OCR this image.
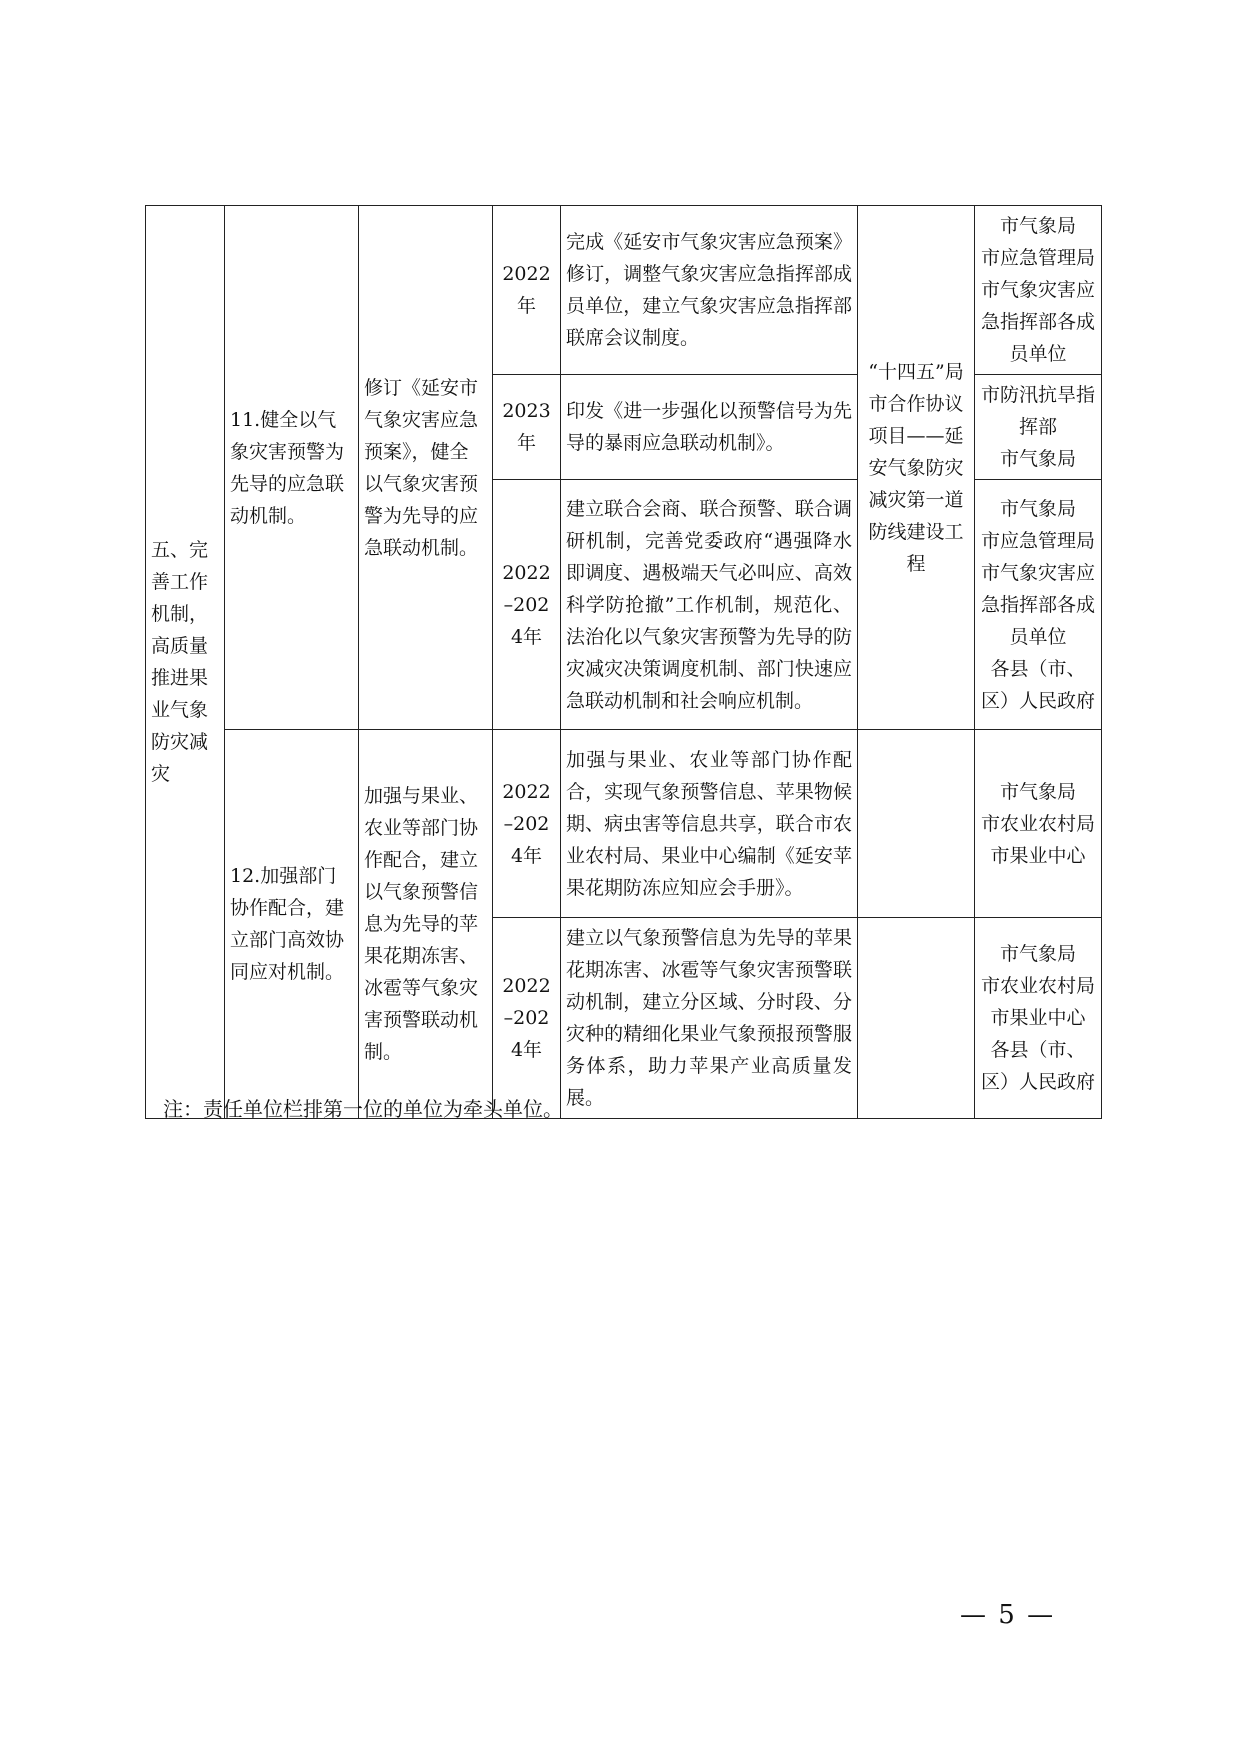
五、完善工作机制，高质量推进果业气象防灾减灾	11.健全以气象灾害预警为先导的应急联动机制。	修订《延安市气象灾害应急预案》，健全以气象灾害预警为先导的应急联动机制。	2022年	完成《延安市气象灾害应急预案》修订，调整气象灾害应急指挥部成员单位，建立气象灾害应急指挥部联席会议制度。	“十四五”局市合作协议项目——延安气象防灾减灾第一道防线建设工程	市气象局
市应急管理局
市气象灾害应急指挥部各成员单位

			2023年	印发《进一步强化以预警信号为先导的暴雨应急联动机制》。		市防汛抗旱指挥部
市气象局

			2022–2024年	建立联合会商、联合预警、联合调研机制，完善党委政府“遇强降水即调度、遇极端天气必叫应、高效科学防抢撤”工作机制，规范化、法治化以气象灾害预警为先导的防灾减灾决策调度机制、部门快速应急联动机制和社会响应机制。		市气象局
市应急管理局
市气象灾害应急指挥部各成员单位
各县（市、区）人民政府

	12.加强部门协作配合，建立部门高效协同应对机制。	加强与果业、农业等部门协作配合，建立以气象预警信息为先导的苹果花期冻害、冰雹等气象灾害预警联动机制。	2022–2024年	加强与果业、农业等部门协作配合，实现气象预警信息、苹果物候期、病虫害等信息共享，联合市农业农村局、果业中心编制《延安苹果花期防冻应知应会手册》。		市气象局
市农业农村局
市果业中心

			2022–2024年	建立以气象预警信息为先导的苹果花期冻害、冰雹等气象灾害预警联动机制，建立分区域、分时段、分灾种的精细化果业气象预报预警服务体系，助力苹果产业高质量发展。		市气象局
市农业农村局
市果业中心
各县（市、区）人民政府
注：责任单位栏排第一位的单位为牵头单位。
— 5 —
